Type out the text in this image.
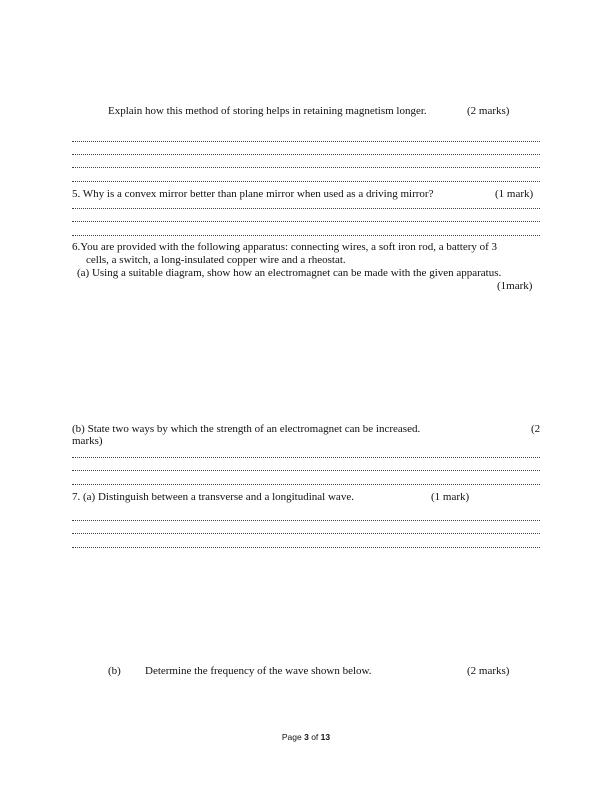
Explain how this method of storing helps in retaining magnetism longer.	(2 marks)
5. Why is a convex mirror better than plane mirror when used as a driving mirror?	(1 mark)
6.You are provided with the following apparatus: connecting wires, a soft iron rod, a battery of 3
cells, a switch, a long-insulated copper wire and a rheostat.
(a) Using a suitable diagram, show how an electromagnet can be made with the given apparatus.
(1mark)
(b) State two ways by which the strength of an electromagnet can be increased.	(2
marks)
7. (a) Distinguish between a transverse and a longitudinal wave.	(1 mark)
(b) Determine the frequency of the wave shown below.	(2 marks)
Page 3 of 13
